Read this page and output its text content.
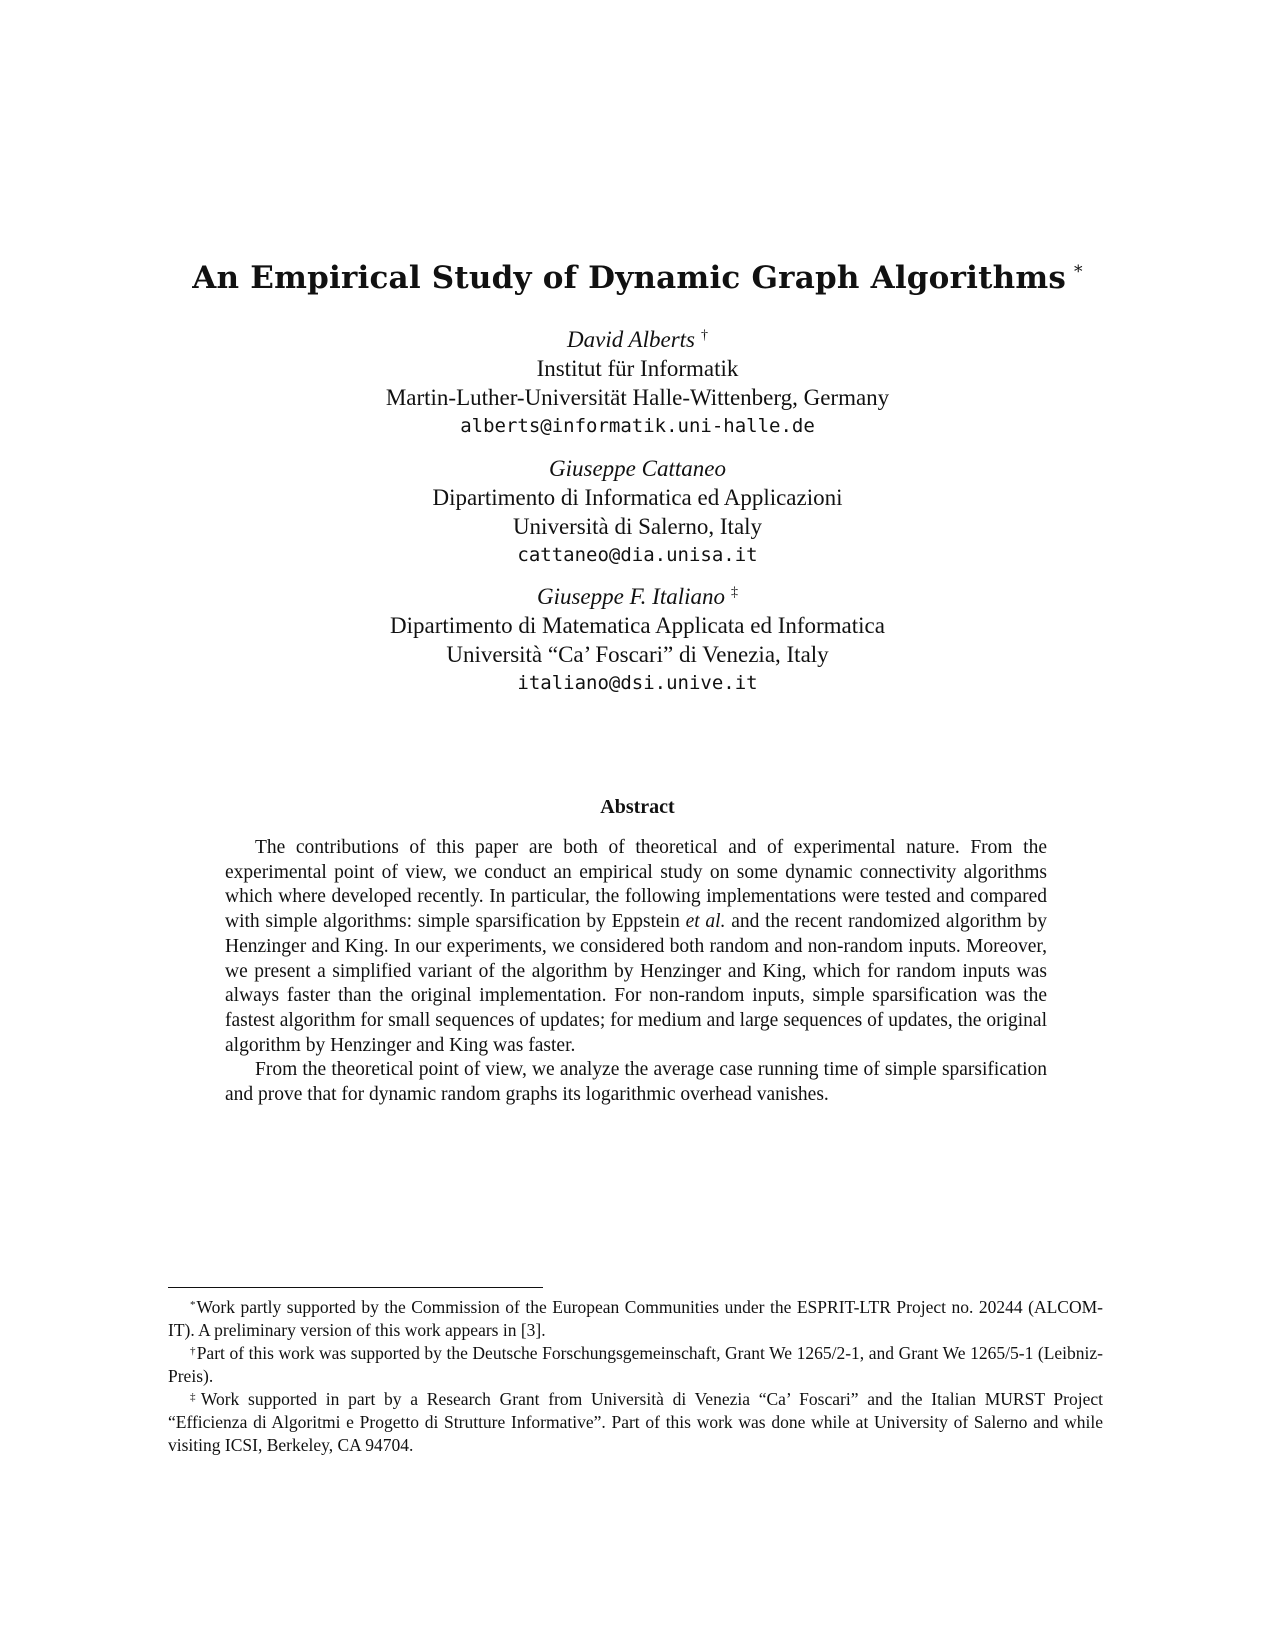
An Empirical Study of Dynamic Graph Algorithms *
David Alberts †
Institut für Informatik
Martin-Luther-Universität Halle-Wittenberg, Germany
alberts@informatik.uni-halle.de
Giuseppe Cattaneo
Dipartimento di Informatica ed Applicazioni
Università di Salerno, Italy
cattaneo@dia.unisa.it
Giuseppe F. Italiano ‡
Dipartimento di Matematica Applicata ed Informatica
Università “Ca’ Foscari” di Venezia, Italy
italiano@dsi.unive.it
Abstract

The contributions of this paper are both of theoretical and of experimental nature. From the experimental point of view, we conduct an empirical study on some dynamic connectivity algorithms which where developed recently. In particular, the following implementations were tested and compared with simple algorithms: simple sparsification by Eppstein et al. and the recent randomized algorithm by Henzinger and King. In our experiments, we considered both random and non-random inputs. Moreover, we present a simplified variant of the algorithm by Henzinger and King, which for random inputs was always faster than the original implementation. For non-random inputs, simple sparsification was the fastest algorithm for small sequences of updates; for medium and large sequences of updates, the original algorithm by Henzinger and King was faster.

From the theoretical point of view, we analyze the average case running time of simple sparsification and prove that for dynamic random graphs its logarithmic overhead vanishes.

*Work partly supported by the Commission of the European Communities under the ESPRIT-LTR Project no. 20244 (ALCOM-IT). A preliminary version of this work appears in [3].

†Part of this work was supported by the Deutsche Forschungsgemeinschaft, Grant We 1265/2-1, and Grant We 1265/5-1 (Leibniz-Preis).

‡Work supported in part by a Research Grant from Università di Venezia “Ca’ Foscari” and the Italian MURST Project “Efficienza di Algoritmi e Progetto di Strutture Informative”. Part of this work was done while at University of Salerno and while visiting ICSI, Berkeley, CA 94704.
